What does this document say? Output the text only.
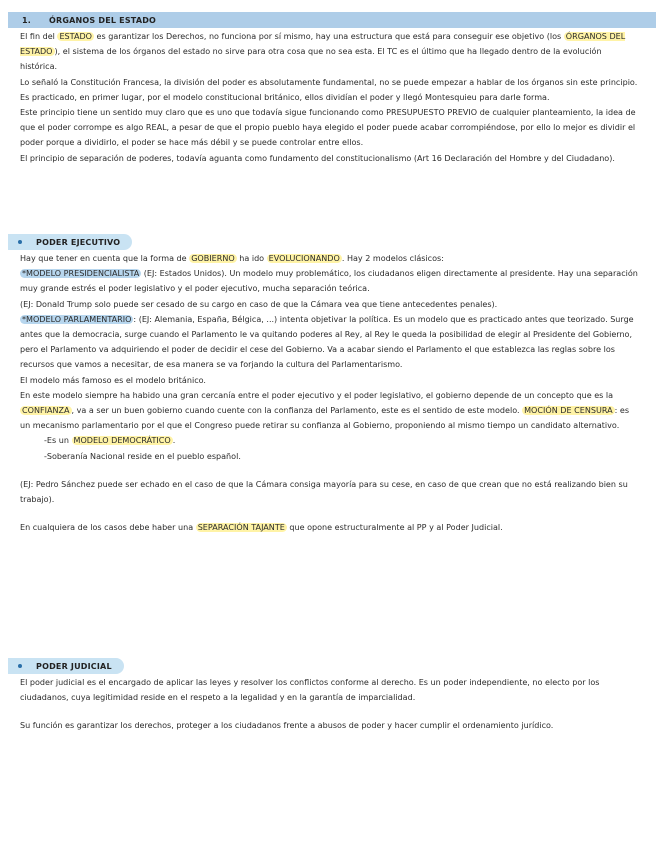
1. ÓRGANOS DEL ESTADO

El fin del ESTADO es garantizar los Derechos, no funciona por sí mismo, hay una estructura que está para conseguir ese objetivo (los ÓRGANOS DEL ESTADO ), el sistema de los órganos del estado no sirve para otra cosa que no sea esta. El TC es el último que ha llegado dentro de la evolución histórica.

Lo señaló la Constitución Francesa, la división del poder es absolutamente fundamental, no se puede empezar a hablar de los órganos sin este principio. Es practicado, en primer lugar, por el modelo constitucional británico, ellos dividían el poder y llegó Montesquieu para darle forma.

Este principio tiene un sentido muy claro que es uno que todavía sigue funcionando como PRESUPUESTO PREVIO de cualquier planteamiento, la idea de que el poder corrompe es algo REAL, a pesar de que el propio pueblo haya elegido el poder puede acabar corrompiéndose, por ello lo mejor es dividir el poder porque a dividirlo, el poder se hace más débil y se puede controlar entre ellos.

El principio de separación de poderes, todavía aguanta como fundamento del constitucionalismo (Art 16 Declaración del Hombre y del Ciudadano).

PODER EJECUTIVO

Hay que tener en cuenta que la forma de GOBIERNO ha ido EVOLUCIONANDO . Hay 2 modelos clásicos:

*MODELO PRESIDENCIALISTA (EJ: Estados Unidos). Un modelo muy problemático, los ciudadanos eligen directamente al presidente. Hay una separación muy grande estrés el poder legislativo y el poder ejecutivo, mucha separación teórica.

(EJ: Donald Trump solo puede ser cesado de su cargo en caso de que la Cámara vea que tiene antecedentes penales).

*MODELO PARLAMENTARIO : (EJ: Alemania, España, Bélgica, ...) intenta objetivar la política. Es un modelo que es practicado antes que teorizado. Surge antes que la democracia, surge cuando el Parlamento le va quitando poderes al Rey, al Rey le queda la posibilidad de elegir al Presidente del Gobierno, pero el Parlamento va adquiriendo el poder de decidir el cese del Gobierno. Va a acabar siendo el Parlamento el que establezca las reglas sobre los recursos que vamos a necesitar, de esa manera se va forjando la cultura del Parlamentarismo.

El modelo más famoso es el modelo británico.

En este modelo siempre ha habido una gran cercanía entre el poder ejecutivo y el poder legislativo, el gobierno depende de un concepto que es la CONFIANZA , va a ser un buen gobierno cuando cuente con la confianza del Parlamento, este es el sentido de este modelo. MOCIÓN DE CENSURA : es un mecanismo parlamentario por el que el Congreso puede retirar su confianza al Gobierno, proponiendo al mismo tiempo un candidato alternativo.

-Es un MODELO DEMOCRÁTICO .

-Soberanía Nacional reside en el pueblo español.

(EJ: Pedro Sánchez puede ser echado en el caso de que la Cámara consiga mayoría para su cese, en caso de que crean que no está realizando bien su trabajo).

En cualquiera de los casos debe haber una SEPARACIÓN TAJANTE que opone estructuralmente al PP y al Poder Judicial.

PODER JUDICIAL

El poder judicial es el encargado de aplicar las leyes y resolver los conflictos conforme al derecho. Es un poder independiente, no electo por los ciudadanos, cuya legitimidad reside en el respeto a la legalidad y en la garantía de imparcialidad.

Su función es garantizar los derechos, proteger a los ciudadanos frente a abusos de poder y hacer cumplir el ordenamiento jurídico.
